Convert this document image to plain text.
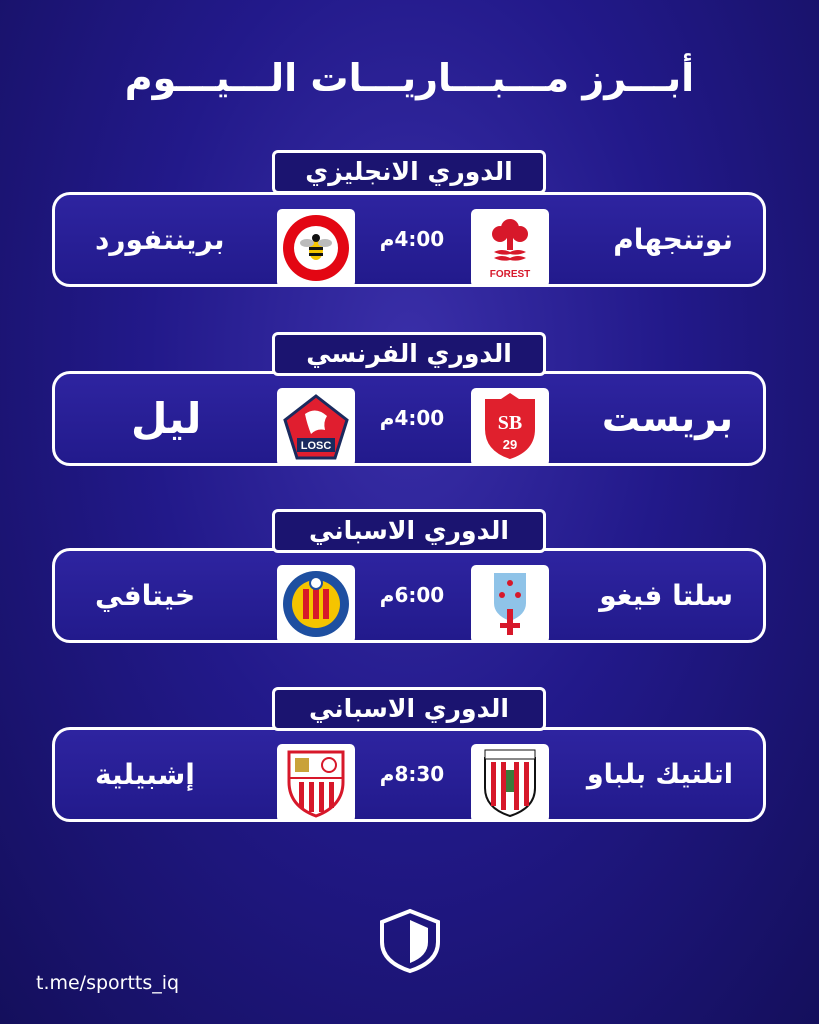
أبـــرز مـــبـــاريـــات الـــيـــوم
الدوري الانجليزي
نوتنجهام
FOREST
4:00م
برينتفورد
الدوري الفرنسي
بريست
SB
29
4:00م
LOSC
ليل
الدوري الاسباني
سلتا فيغو
6:00م
خيتافي
الدوري الاسباني
اتلتيك بلباو
8:30م
إشبيلية
t.me/sportts_iq
